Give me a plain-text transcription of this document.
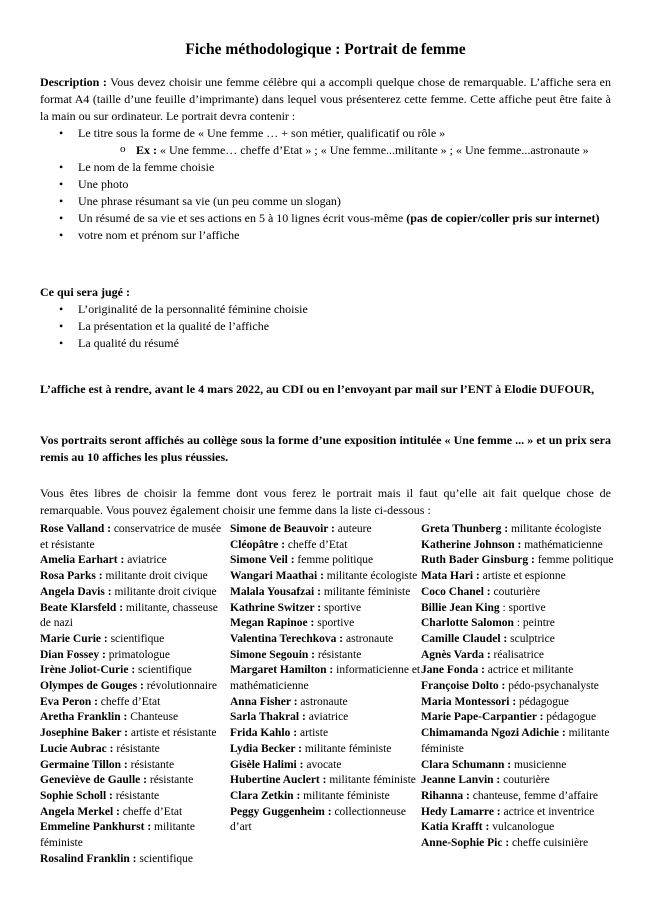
Fiche méthodologique : Portrait de femme

Description : Vous devez choisir une femme célèbre qui a accompli quelque chose de remarquable. L’affiche sera en format A4 (taille d’une feuille d’imprimante) dans lequel vous présenterez cette femme. Cette affiche peut être faite à la main ou sur ordinateur. Le portrait devra contenir :

• Le titre sous la forme de « Une femme … + son métier, qualificatif ou rôle »
o Ex : « Une femme… cheffe d’Etat » ; « Une femme...militante » ; « Une femme...astronaute »
• Le nom de la femme choisie
• Une photo
• Une phrase résumant sa vie (un peu comme un slogan)
• Un résumé de sa vie et ses actions en 5 à 10 lignes écrit vous-même (pas de copier/coller pris sur internet)
• votre nom et prénom sur l’affiche

Ce qui sera jugé :

• L’originalité de la personnalité féminine choisie
• La présentation et la qualité de l’affiche
• La qualité du résumé

L’affiche est à rendre, avant le 4 mars 2022, au CDI ou en l’envoyant par mail sur l’ENT à Elodie DUFOUR,

Vos portraits seront affichés au collège sous la forme d’une exposition intitulée « Une femme ... » et un prix sera remis au 10 affiches les plus réussies.

Vous êtes libres de choisir la femme dont vous ferez le portrait mais il faut qu’elle ait fait quelque chose de remarquable. Vous pouvez également choisir une femme dans la liste ci-dessous :

Rose Valland : conservatrice de musée et résistante

Amelia Earhart : aviatrice

Rosa Parks : militante droit civique

Angela Davis : militante droit civique

Beate Klarsfeld : militante, chasseuse de nazi

Marie Curie : scientifique

Dian Fossey : primatologue

Irène Joliot-Curie : scientifique

Olympes de Gouges : révolutionnaire

Eva Peron : cheffe d’Etat

Aretha Franklin : Chanteuse

Josephine Baker : artiste et résistante

Lucie Aubrac : résistante

Germaine Tillon : résistante

Geneviève de Gaulle : résistante

Sophie Scholl : résistante

Angela Merkel : cheffe d’Etat

Emmeline Pankhurst : militante féministe

Rosalind Franklin : scientifique

Simone de Beauvoir : auteure

Cléopâtre : cheffe d’Etat

Simone Veil : femme politique

Wangari Maathai : militante écologiste

Malala Yousafzai : militante féministe

Kathrine Switzer : sportive

Megan Rapinoe : sportive

Valentina Terechkova : astronaute

Simone Segouin : résistante

Margaret Hamilton : informaticienne et mathématicienne

Anna Fisher : astronaute

Sarla Thakral : aviatrice

Frida Kahlo : artiste

Lydia Becker : militante féministe

Gisèle Halimi : avocate

Hubertine Auclert : militante féministe

Clara Zetkin : militante féministe

Peggy Guggenheim : collectionneuse d’art

Greta Thunberg : militante écologiste

Katherine Johnson : mathématicienne

Ruth Bader Ginsburg : femme politique

Mata Hari : artiste et espionne

Coco Chanel : couturière

Billie Jean King : sportive

Charlotte Salomon : peintre

Camille Claudel : sculptrice

Agnès Varda : réalisatrice

Jane Fonda : actrice et militante

Françoise Dolto : pédo-psychanalyste

Maria Montessori : pédagogue

Marie Pape-Carpantier : pédagogue

Chimamanda Ngozi Adichie : militante féministe

Clara Schumann : musicienne

Jeanne Lanvin : couturière

Rihanna : chanteuse, femme d’affaire

Hedy Lamarre : actrice et inventrice

Katia Krafft : vulcanologue

Anne-Sophie Pic : cheffe cuisinière
